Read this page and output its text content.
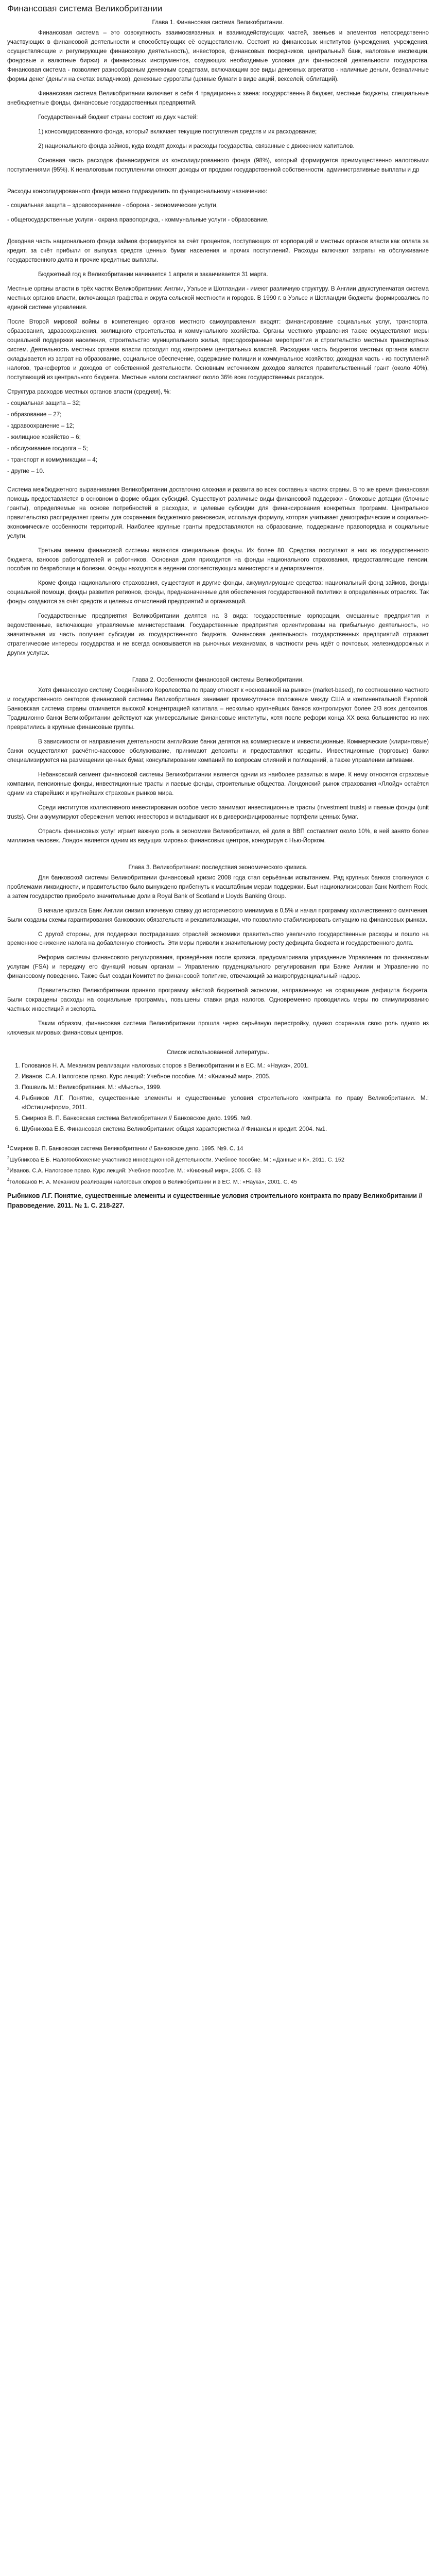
Финансовая система Великобритании
Глава 1. Финансовая система Великобритании.

Финансовая система – это совокупность взаимосвязанных и взаимодействующих частей, звеньев и элементов непосредственно участвующих в финансовой деятельности и способствующих её осуществлению. Состоит из финансовых институтов (учреждения, учреждения, осуществляющие и регулирующие финансовую деятельность), инвесторов, финансовых посредников, центральный банк, налоговые инспекции, фондовые и валютные биржи) и финансовых инструментов, создающих необходимые условия для финансовой деятельности государства. Финансовая система - позволяет разнообразным денежным средствам, включающим все виды денежных агрегатов - наличные деньги, безналичные формы денег (деньги на счетах вкладчиков), денежные суррогаты (ценные бумаги в виде акций, векселей, облигаций).

Финансовая система Великобритании включает в себя 4 традиционных звена: государственный бюджет, местные бюджеты, специальные внебюджетные фонды, финансовые государственных предприятий.

Государственный бюджет страны состоит из двух частей:

1) консолидированного фонда, который включает текущие поступления средств и их расходование;

2) национального фонда займов, куда входят доходы и расходы государства, связанные с движением капиталов.

Основная часть расходов финансируется из консолидированного фонда (98%), который формируется преимущественно налоговыми поступлениями (95%). К неналоговым поступлениям относят доходы от продажи государственной собственности, административные выплаты и др

Расходы консолидированного фонда можно подразделить по функциональному назначению:

- социальная защита – здравоохранение - оборона - экономические услуги,

- общегосударственные услуги - охрана правопорядка, - коммунальные услуги - образование,

Доходная часть национального фонда займов формируется за счёт процентов, поступающих от корпораций и местных органов власти как оплата за кредит, за счёт прибыли от выпуска средств ценных бумаг населения и прочих поступлений. Расходы включают затраты на обслуживание государственного долга и прочие кредитные выплаты.

Бюджетный год в Великобритании начинается 1 апреля и заканчивается 31 марта.

Местные органы власти в трёх частях Великобритании: Англии, Уэльсе и Шотландии - имеют различную структуру. В Англии двухступенчатая система местных органов власти, включающая графства и округа сельской местности и городов. В 1990 г. в Уэльсе и Шотландии бюджеты формировались по единой системе управления.

После Второй мировой войны в компетенцию органов местного самоуправления входят: финансирование социальных услуг, транспорта, образования, здравоохранения, жилищного строительства и коммунального хозяйства. Органы местного управления также осуществляют меры социальной поддержки населения, строительство муниципального жилья, природоохранные мероприятия и строительство местных транспортных систем. Деятельность местных органов власти проходит под контролем центральных властей. Расходная часть бюджетов местных органов власти складывается из затрат на образование, социальное обеспечение, содержание полиции и коммунальное хозяйство; доходная часть - из поступлений налогов, трансфертов и доходов от собственной деятельности. Основным источником доходов является правительственный грант (около 40%), поступающий из центрального бюджета. Местные налоги составляют около 36% всех государственных расходов.

Структура расходов местных органов власти (средняя), %:

- социальная защита – 32;

- образование – 27;

- здравоохранение – 12;

- жилищное хозяйство – 6;

- обслуживание госдолга – 5;

- транспорт и коммуникации – 4;

- другие – 10.

Система межбюджетного выравнивания Великобритании достаточно сложная и развита во всех составных частях страны. В то же время финансовая помощь предоставляется в основном в форме общих субсидий. Существуют различные виды финансовой поддержки - блоковые дотации (блочные гранты), определяемые на основе потребностей в расходах, и целевые субсидии для финансирования конкретных программ. Центральное правительство распределяет гранты для сохранения бюджетного равновесия, используя формулу, которая учитывает демографические и социально-экономические особенности территорий. Наиболее крупные гранты предоставляются на образование, поддержание правопорядка и социальные услуги.

Третьим звеном финансовой системы являются специальные фонды. Их более 80. Средства поступают в них из государственного бюджета, взносов работодателей и работников. Основная доля приходится на фонды национального страхования, предоставляющие пенсии, пособия по безработице и болезни. Фонды находятся в ведении соответствующих министерств и департаментов.

Кроме фонда национального страхования, существуют и другие фонды, аккумулирующие средства: национальный фонд займов, фонды социальной помощи, фонды развития регионов, фонды, предназначенные для обеспечения государственной политики в определённых отраслях. Так фонды создаются за счёт средств и целевых отчислений предприятий и организаций.

Государственные предприятия Великобритании делятся на 3 вида: государственные корпорации, смешанные предприятия и ведомственные, включающие управляемые министерствами. Государственные предприятия ориентированы на прибыльную деятельность, но значительная их часть получает субсидии из государственного бюджета. Финансовая деятельность государственных предприятий отражает стратегические интересы государства и не всегда основывается на рыночных механизмах, в частности речь идёт о почтовых, железнодорожных и других услугах.

Глава 2. Особенности финансовой системы Великобритании.

Хотя финансовую систему Соединённого Королевства по праву относят к «основанной на рынке» (market-based), по соотношению частного и государственного секторов финансовой системы Великобритания занимает промежуточное положение между США и континентальной Европой. Банковская система страны отличается высокой концентрацией капитала – несколько крупнейших банков контролируют более 2/3 всех депозитов. Традиционно банки Великобритании действуют как универсальные финансовые институты, хотя после реформ конца XX века большинство из них превратились в крупные финансовые группы.

В зависимости от направления деятельности английские банки делятся на коммерческие и инвестиционные. Коммерческие (клиринговые) банки осуществляют расчётно-кассовое обслуживание, принимают депозиты и предоставляют кредиты. Инвестиционные (торговые) банки специализируются на размещении ценных бумаг, консультировании компаний по вопросам слияний и поглощений, а также управлении активами.

Небанковский сегмент финансовой системы Великобритании является одним из наиболее развитых в мире. К нему относятся страховые компании, пенсионные фонды, инвестиционные трасты и паевые фонды, строительные общества. Лондонский рынок страхования «Ллойд» остаётся одним из старейших и крупнейших страховых рынков мира.

Среди институтов коллективного инвестирования особое место занимают инвестиционные трасты (investment trusts) и паевые фонды (unit trusts). Они аккумулируют сбережения мелких инвесторов и вкладывают их в диверсифицированные портфели ценных бумаг.

Отрасль финансовых услуг играет важную роль в экономике Великобритании, её доля в ВВП составляет около 10%, в ней занято более миллиона человек. Лондон является одним из ведущих мировых финансовых центров, конкурируя с Нью-Йорком.

Глава 3. Великобритания: последствия экономического кризиса.

Для банковской системы Великобритании финансовый кризис 2008 года стал серьёзным испытанием. Ряд крупных банков столкнулся с проблемами ликвидности, и правительство было вынуждено прибегнуть к масштабным мерам поддержки. Был национализирован банк Northern Rock, а затем государство приобрело значительные доли в Royal Bank of Scotland и Lloyds Banking Group.

В начале кризиса Банк Англии снизил ключевую ставку до исторического минимума в 0,5% и начал программу количественного смягчения. Были созданы схемы гарантирования банковских обязательств и рекапитализации, что позволило стабилизировать ситуацию на финансовых рынках.

С другой стороны, для поддержки пострадавших отраслей экономики правительство увеличило государственные расходы и пошло на временное снижение налога на добавленную стоимость. Эти меры привели к значительному росту дефицита бюджета и государственного долга.

Реформа системы финансового регулирования, проведённая после кризиса, предусматривала упразднение Управления по финансовым услугам (FSA) и передачу его функций новым органам – Управлению пруденциального регулирования при Банке Англии и Управлению по финансовому поведению. Также был создан Комитет по финансовой политике, отвечающий за макропруденциальный надзор.

Правительство Великобритании приняло программу жёсткой бюджетной экономии, направленную на сокращение дефицита бюджета. Были сокращены расходы на социальные программы, повышены ставки ряда налогов. Одновременно проводились меры по стимулированию частных инвестиций и экспорта.

Таким образом, финансовая система Великобритании прошла через серьёзную перестройку, однако сохранила свою роль одного из ключевых мировых финансовых центров.

Список использованной литературы.
1. Голованов Н. А. Механизм реализации налоговых споров в Великобритании и в ЕС. М.: «Наука», 2001.
2. Иванов. С.А. Налоговое право. Курс лекций: Учебное пособие. М.: «Книжный мир», 2005.
3. Пошвиль М.: Великобритания. М.: «Мысль», 1999.
4. Рыбников Л.Г. Понятие, существенные элементы и существенные условия строительного контракта по праву Великобритании. М.: «Юстицинформ», 2011.
5. Смирнов В. П. Банковская система Великобритании // Банковское дело. 1995. №9.
6. Шубникова Е.Б. Финансовая система Великобритании: общая характеристика // Финансы и кредит. 2004. №1.
$^1$Смирнов В. П. Банковская система Великобритании // Банковское дело. 1995. №9. С. 14
$^2$Шубникова Е.Б. Налогообложение участников инновационной деятельности. Учебное пособие. М.: «Данные и К», 2011. С. 152
$^3$Иванов. С.А. Налоговое право. Курс лекций: Учебное пособие. М.: «Книжный мир», 2005. С. 63
$^4$Голованов Н. А. Механизм реализации налоговых споров в Великобритании и в ЕС. М.: «Наука», 2001. С. 45
Рыбников Л.Г. Понятие, существенные элементы и существенные условия строительного контракта по праву Великобритании // Правоведение. 2011. № 1. С. 218-227.
